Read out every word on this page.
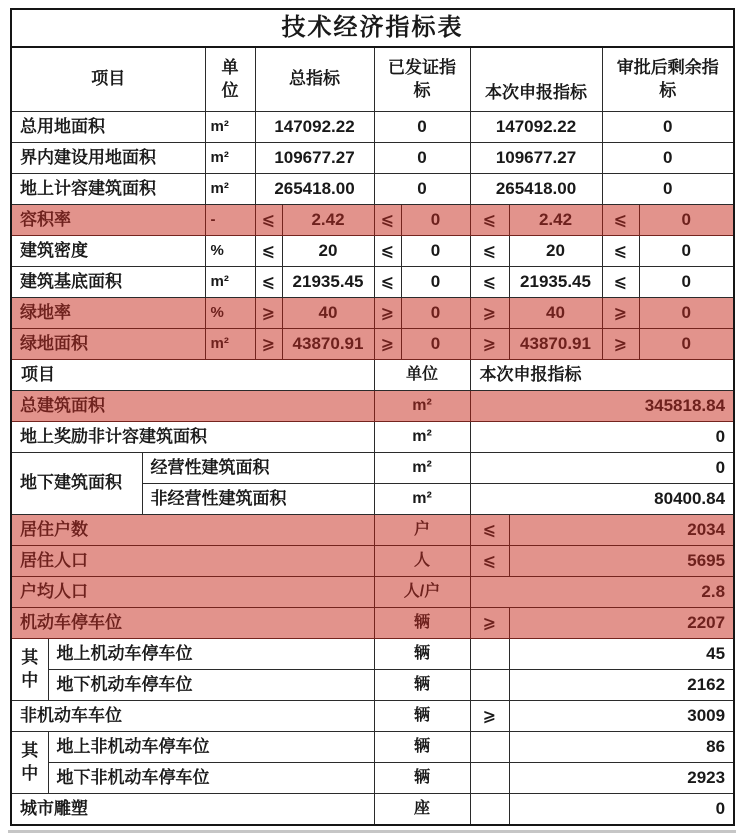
技术经济指标表											
项目			单位	总指标		已发证指标		本次申报指标		审批后剩余指标	
总用地面积			m²	147092.22		0		147092.22		0	
界内建设用地面积			m²	109677.27		0		109677.27		0	
地上计容建筑面积			m²	265418.00		0		265418.00		0	
容积率			-	⩽	2.42	⩽	0	⩽	2.42	⩽	0
建筑密度			%	⩽	20	⩽	0	⩽	20	⩽	0
建筑基底面积			m²	⩽	21935.45	⩽	0	⩽	21935.45	⩽	0
绿地率			%	⩾	40	⩾	0	⩾	40	⩾	0
绿地面积			m²	⩾	43870.91	⩾	0	⩾	43870.91	⩾	0
项目						单位		本次申报指标			
总建筑面积						m²		345818.84			
地上奖励非计容建筑面积						m²		0			
地下建筑面积		经营性建筑面积				m²		0			
		非经营性建筑面积				m²		80400.84			
居住户数						户		⩽	2034		
居住人口						人		⩽	5695		
户均人口						人/户		2.8			
机动车停车位						辆		⩾	2207		
其中	地上机动车停车位					辆			45		
	地下机动车停车位					辆			2162		
非机动车车位						辆		⩾	3009		
其中	地上非机动车停车位					辆			86		
	地下非机动车停车位					辆			2923		
城市雕塑						座			0		
